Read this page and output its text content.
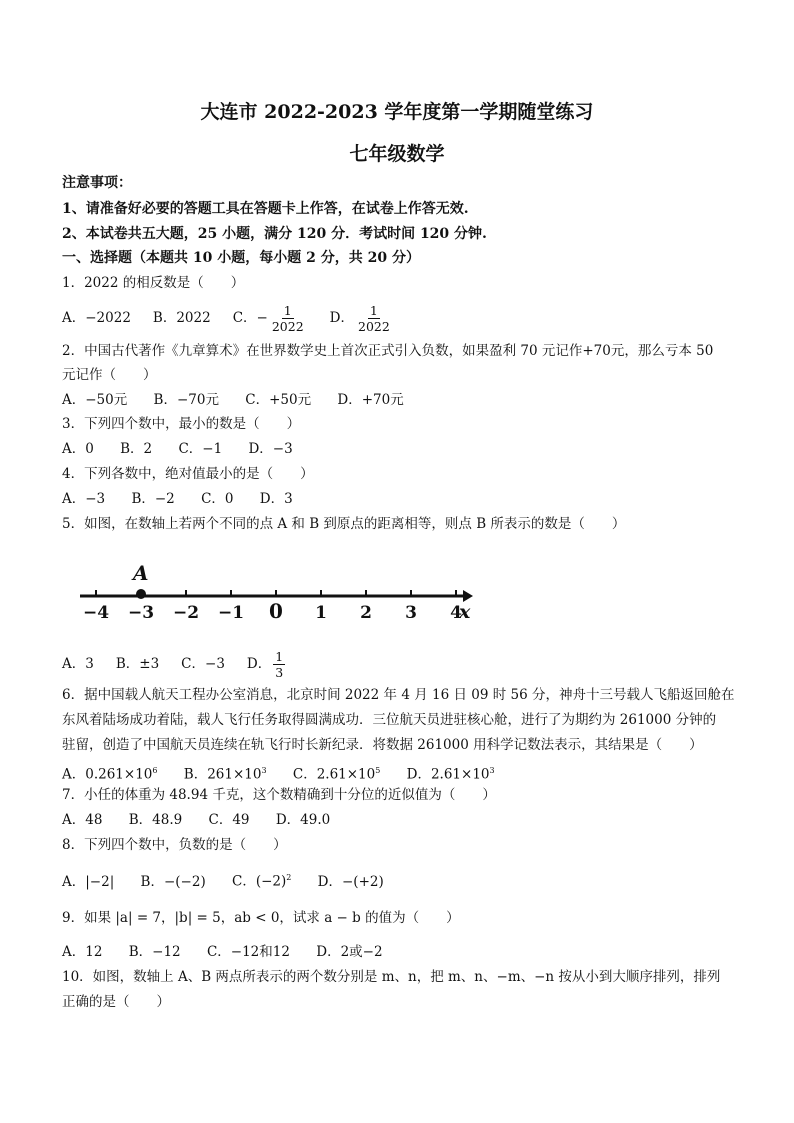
大连市 2022-2023 学年度第一学期随堂练习
七年级数学
注意事项：
1、请准备好必要的答题工具在答题卡上作答，在试卷上作答无效.
2、本试卷共五大题，25 小题，满分 120 分．考试时间 120 分钟.
一、选择题（本题共 10 小题，每小题 2 分，共 20 分）
1．2022 的相反数是（　　）
A．−2022 B．2022 C．− $\frac{1}{2022}$ D． $\frac{1}{2022}$
2．中国古代著作《九章算术》在世界数学史上首次正式引入负数，如果盈利 70 元记作+70元，那么亏本 50
元记作（　　）
A．−50元 B．−70元 C．+50元 D．+70元
3．下列四个数中，最小的数是（　　）
A．0 B．2 C．−1 D．−3
4．下列各数中，绝对值最小的是（　　）
A．−3 B．−2 C．0 D．3
5．如图，在数轴上若两个不同的点 A 和 B 到原点的距离相等，则点 B 所表示的数是（　　）
−4 −3 −2 −1 0 1 2 3 4
A
x
A．3 B．±3 C．−3 D． $\frac{1}{3}$
6．据中国载人航天工程办公室消息，北京时间 2022 年 4 月 16 日 09 时 56 分，神舟十三号载人飞船返回舱在
东风着陆场成功着陆，载人飞行任务取得圆满成功．三位航天员进驻核心舱，进行了为期约为 261000 分钟的
驻留，创造了中国航天员连续在轨飞行时长新纪录．将数据 261000 用科学记数法表示，其结果是（　　）
A．$0.261\times 10^6$ B．$261\times 10^3$ C．$2.61\times 10^5$ D．$2.61\times 10^3$
7．小任的体重为 48.94 千克，这个数精确到十分位的近似值为（　　）
A．48 B．48.9 C．49 D．49.0
8．下列四个数中，负数的是（　　）
A．|−2| B．−(−2) C．$(-2)^2$ D．−(+2)
9．如果 |a| = 7，|b| = 5，ab < 0，试求 a − b 的值为（　　）
A．12 B．−12 C．−12和12 D．2或−2
10．如图，数轴上 A、B 两点所表示的两个数分别是 m、n，把 m、n、−m、−n 按从小到大顺序排列，排列
正确的是（　　）
